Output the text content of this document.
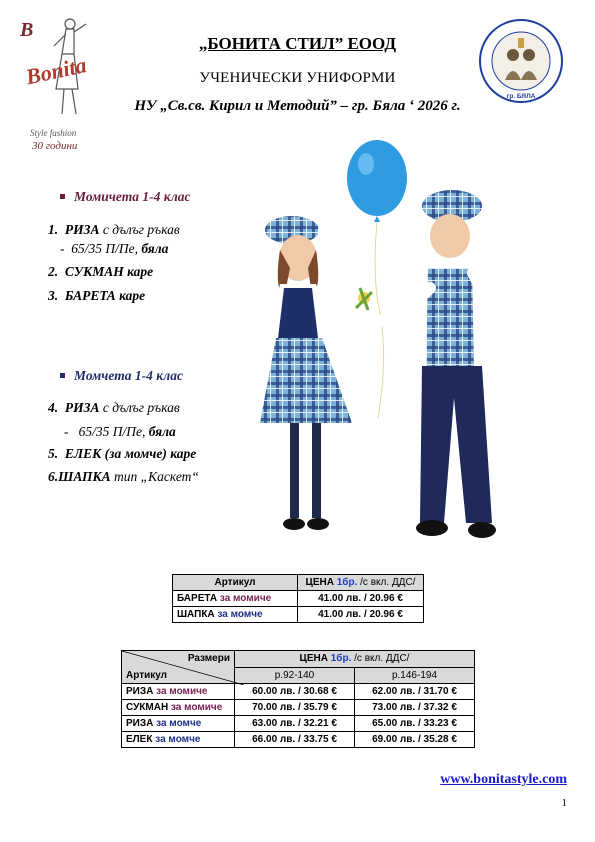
B
Bonita
Style fashion
30 години
гр. БЯЛА
„БОНИТА СТИЛ” ЕООД
УЧЕНИЧЕСКИ УНИФОРМИ
НУ „Св.св. Кирил и Методий” – гр. Бяла ‘ 2026 г.
Момичета 1-4 клас
1. РИЗА с дълъг ръкав
- 65/35 П/Пе, бяла
2. СУКМАН каре
3. БАРЕТА каре
Момчета 1-4 клас
4. РИЗА с дълъг ръкав
- 65/35 П/Пе, бяла
5. ЕЛЕК (за момче) каре
6.ШАПКА тип „Каскет“
Артикул	ЦЕНА 1бр. /с вкл. ДДС/
БАРЕТА за момиче	41.00 лв. / 20.96 €
ШАПКА за момче	41.00 лв. / 20.96 €
Размери
Артикул	ЦЕНА 1бр. /с вкл. ДДС/	
	р.92-140	р.146-194
РИЗА за момиче	60.00 лв. / 30.68 €	62.00 лв. / 31.70 €
СУКМАН за момиче	70.00 лв. / 35.79 €	73.00 лв. / 37.32 €
РИЗА за момче	63.00 лв. / 32.21 €	65.00 лв. / 33.23 €
ЕЛЕК за момче	66.00 лв. / 33.75 €	69.00 лв. / 35.28 €
www.bonitastyle.com
1
